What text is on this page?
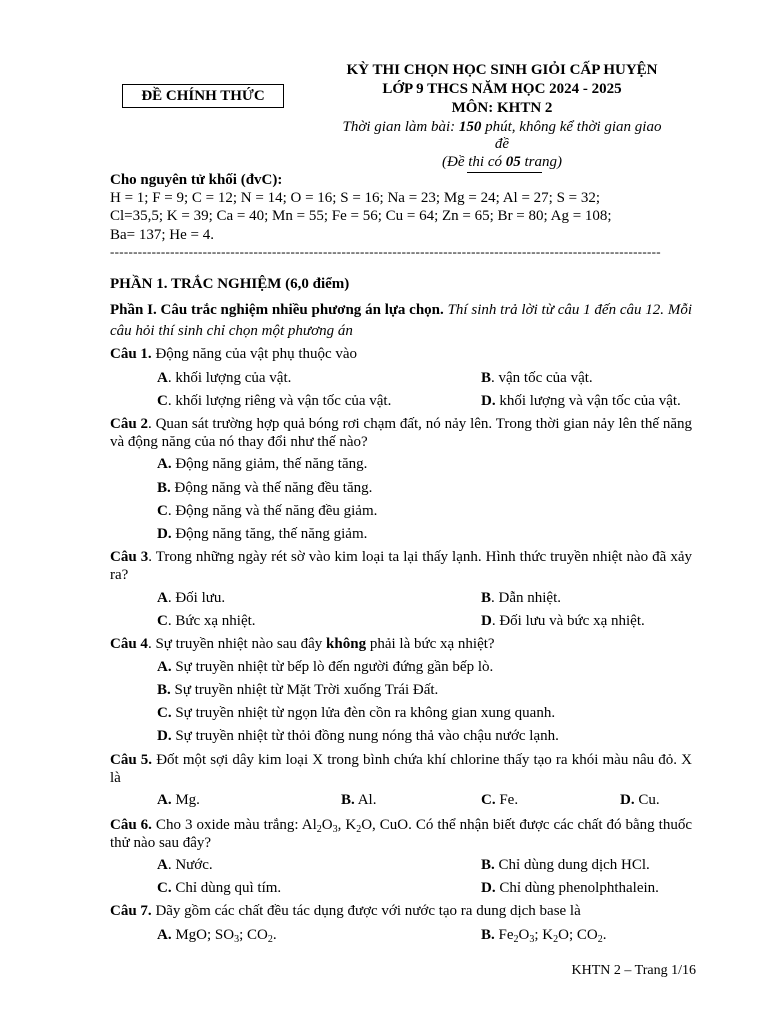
ĐỀ CHÍNH THỨC
KỲ THI CHỌN HỌC SINH GIỎI CẤP HUYỆN
LỚP 9 THCS NĂM HỌC 2024 - 2025
MÔN: KHTN 2
Thời gian làm bài: 150 phút, không kể thời gian giao
đề
(Đề thi có 05 trang)
Cho nguyên tử khối (đvC):
H = 1; F = 9; C = 12; N = 14; O = 16; S = 16; Na = 23; Mg = 24; Al = 27; S = 32;
Cl=35,5; K = 39; Ca = 40; Mn = 55; Fe = 56; Cu = 64; Zn = 65; Br = 80; Ag = 108;
Ba= 137; He = 4.
-----------------------------------------------------------------------------------------------------------------------
PHẦN 1. TRẮC NGHIỆM (6,0 điểm)
Phần I. Câu trắc nghiệm nhiều phương án lựa chọn. Thí sinh trả lời từ câu 1 đến câu 12. Mỗi câu hỏi thí sinh chỉ chọn một phương án
Câu 1. Động năng của vật phụ thuộc vào
A. khối lượng của vật.	B. vận tốc của vật.
C. khối lượng riêng và vận tốc của vật.	D. khối lượng và vận tốc của vật.
Câu 2. Quan sát trường hợp quả bóng rơi chạm đất, nó nảy lên. Trong thời gian nảy lên thế năng và động năng của nó thay đổi như thế nào?
A. Động năng giảm, thế năng tăng.
B. Động năng và thế năng đều tăng.
C. Động năng và thế năng đều giảm.
D. Động năng tăng, thế năng giảm.
Câu 3. Trong những ngày rét sờ vào kim loại ta lại thấy lạnh. Hình thức truyền nhiệt nào đã xảy ra?
A. Đối lưu.	B. Dẫn nhiệt.
C. Bức xạ nhiệt.	D. Đối lưu và bức xạ nhiệt.
Câu 4. Sự truyền nhiệt nào sau đây không phải là bức xạ nhiệt?
A. Sự truyền nhiệt từ bếp lò đến người đứng gần bếp lò.
B. Sự truyền nhiệt từ Mặt Trời xuống Trái Đất.
C. Sự truyền nhiệt từ ngọn lửa đèn cồn ra không gian xung quanh.
D. Sự truyền nhiệt từ thỏi đồng nung nóng thả vào chậu nước lạnh.
Câu 5. Đốt một sợi dây kim loại X trong bình chứa khí chlorine thấy tạo ra khói màu nâu đỏ. X là
A. Mg.	B. Al.	C. Fe.	D. Cu.
Câu 6. Cho 3 oxide màu trắng: $Al_2O_3$, $K_2O$, CuO. Có thể nhận biết được các chất đó bằng thuốc thử nào sau đây?
A. Nước.	B. Chỉ dùng dung dịch HCl.
C. Chỉ dùng quì tím.	D. Chỉ dùng phenolphthalein.
Câu 7. Dãy gồm các chất đều tác dụng được với nước tạo ra dung dịch base là
A. MgO; $SO_3$; $CO_2$.	B. $Fe_2O_3$; $K_2O$; $CO_2$.
KHTN 2 – Trang 1/16
